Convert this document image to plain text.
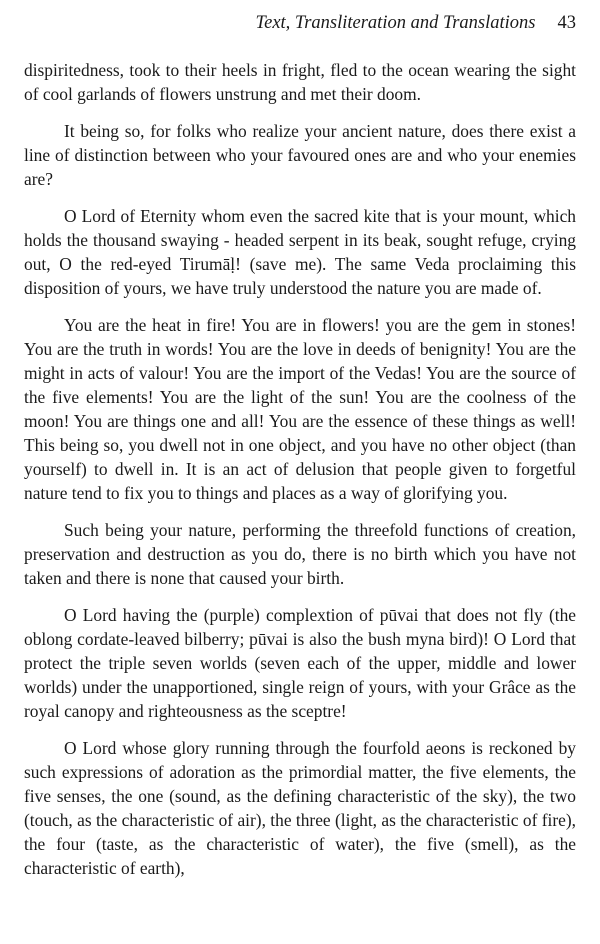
Text, Transliteration and Translations 43

dispiritedness, took to their heels in fright, fled to the ocean wearing the sight of cool garlands of flowers unstrung and met their doom.

It being so, for folks who realize your ancient nature, does there exist a line of distinction between who your favoured ones are and who your enemies are?

O Lord of Eternity whom even the sacred kite that is your mount, which holds the thousand swaying - headed serpent in its beak, sought refuge, crying out, O the red-eyed Tirumāḷ! (save me). The same Veda proclaiming this disposition of yours, we have truly understood the nature you are made of.

You are the heat in fire! You are in flowers! you are the gem in stones! You are the truth in words! You are the love in deeds of benignity! You are the might in acts of valour! You are the import of the Vedas! You are the source of the five elements! You are the light of the sun! You are the coolness of the moon! You are things one and all! You are the essence of these things as well! This being so, you dwell not in one object, and you have no other object (than yourself) to dwell in. It is an act of delusion that people given to forgetful nature tend to fix you to things and places as a way of glorifying you.

Such being your nature, performing the threefold functions of creation, preservation and destruction as you do, there is no birth which you have not taken and there is none that caused your birth.

O Lord having the (purple) complextion of pūvai that does not fly (the oblong cordate-leaved bilberry; pūvai is also the bush myna bird)! O Lord that protect the triple seven worlds (seven each of the upper, middle and lower worlds) under the unapportioned, single reign of yours, with your Grâce as the royal canopy and righteousness as the sceptre!

O Lord whose glory running through the fourfold aeons is reckoned by such expressions of adoration as the primordial matter, the five elements, the five senses, the one (sound, as the defining characteristic of the sky), the two (touch, as the characteristic of air), the three (light, as the characteristic of fire), the four (taste, as the characteristic of water), the five (smell), as the characteristic of earth),
